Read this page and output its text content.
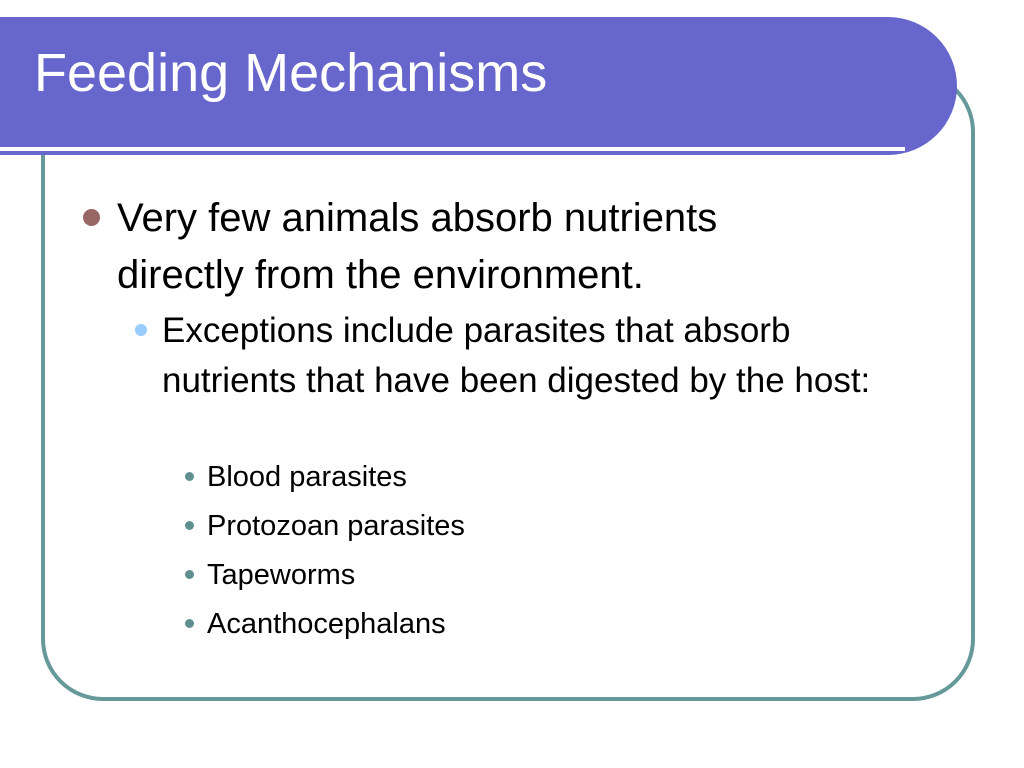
Feeding Mechanisms
Very few animals absorb nutrients directly from the environment.
Exceptions include parasites that absorb nutrients that have been digested by the host:
Blood parasites
Protozoan parasites
Tapeworms
Acanthocephalans
